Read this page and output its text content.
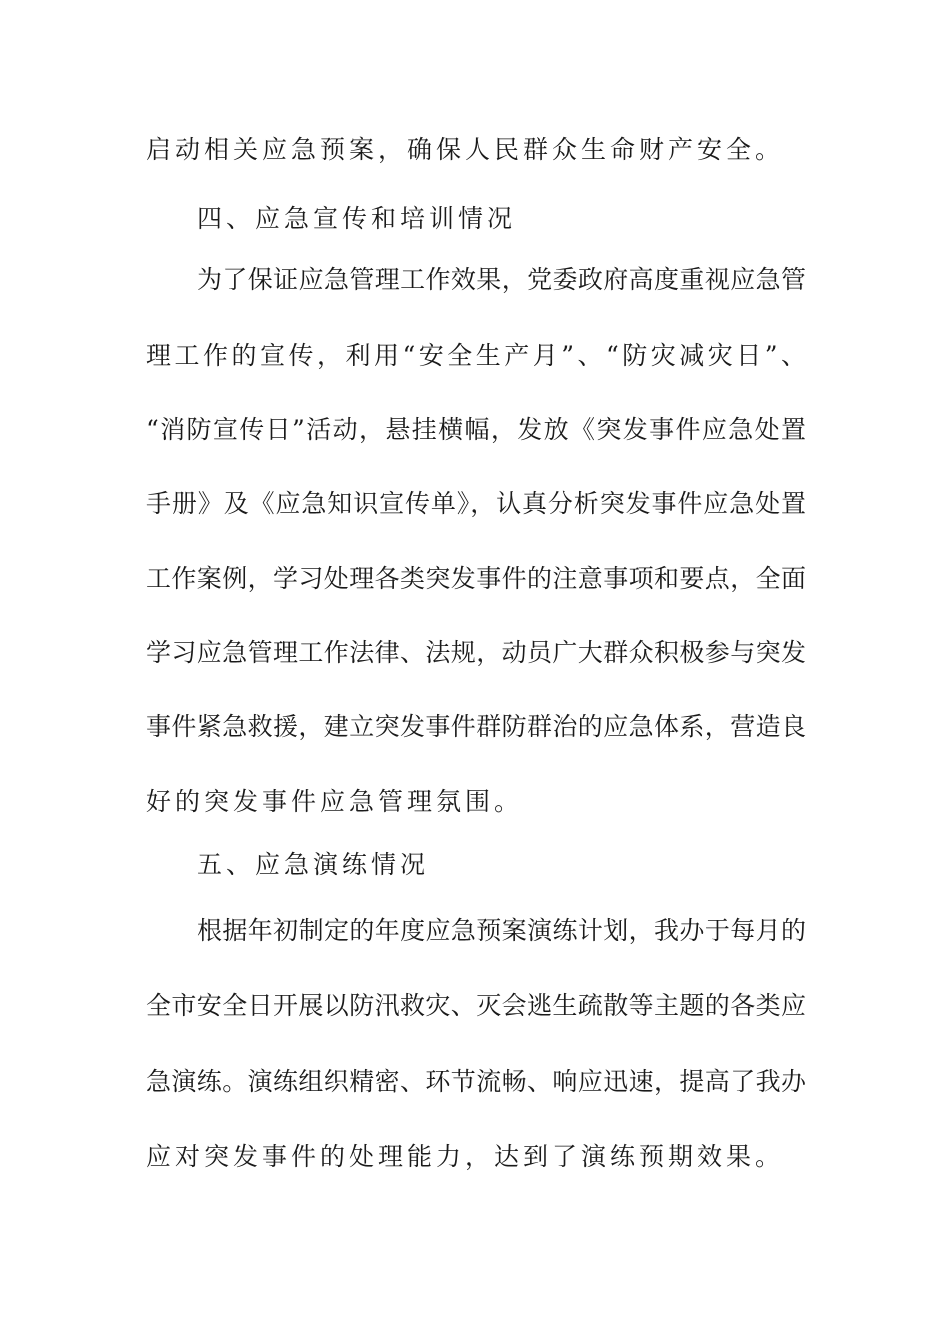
启动相关应急预案，确保人民群众生命财产安全。
四、应急宣传和培训情况
为了保证应急管理工作效果，党委政府高度重视应急管
理工作的宣传，利用“安全生产月”、“防灾减灾日”、
“消防宣传日”活动，悬挂横幅，发放《突发事件应急处置
手册》及《应急知识宣传单》，认真分析突发事件应急处置
工作案例，学习处理各类突发事件的注意事项和要点，全面
学习应急管理工作法律、法规，动员广大群众积极参与突发
事件紧急救援，建立突发事件群防群治的应急体系，营造良
好的突发事件应急管理氛围。
五、应急演练情况
根据年初制定的年度应急预案演练计划，我办于每月的
全市安全日开展以防汛救灾、灭会逃生疏散等主题的各类应
急演练。演练组织精密、环节流畅、响应迅速，提高了我办
应对突发事件的处理能力，达到了演练预期效果。
